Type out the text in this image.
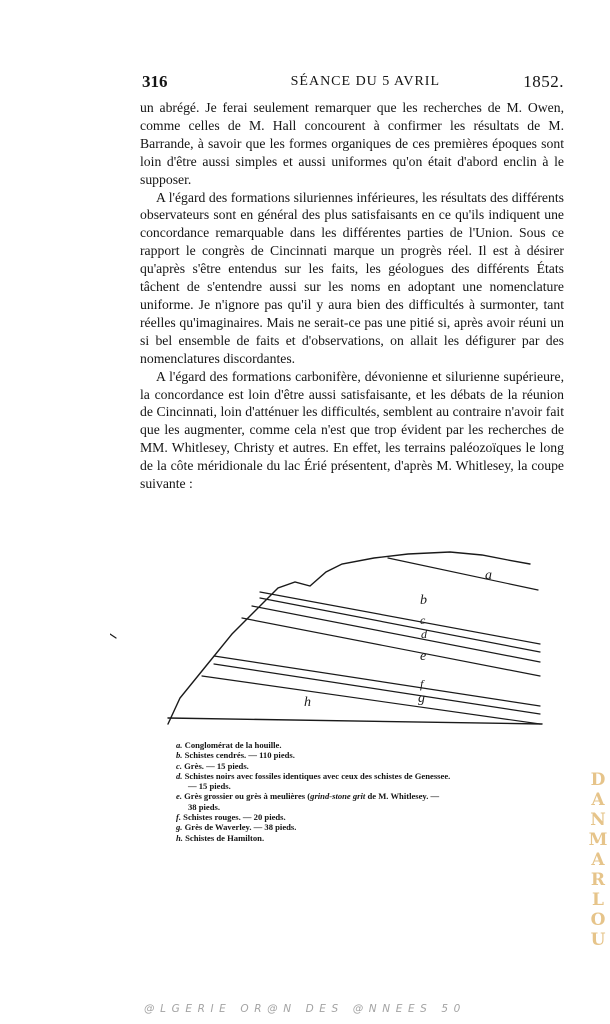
316	SÉANCE DU 5 AVRIL	1852.

un abrégé. Je ferai seulement remarquer que les recherches de M. Owen, comme celles de M. Hall concourent à confirmer les résultats de M. Barrande, à savoir que les formes organiques de ces premières époques sont loin d'être aussi simples et aussi uniformes qu'on était d'abord enclin à le supposer.

A l'égard des formations siluriennes inférieures, les résultats des différents observateurs sont en général des plus satisfaisants en ce qu'ils indiquent une concordance remarquable dans les différentes parties de l'Union. Sous ce rapport le congrès de Cincinnati marque un progrès réel. Il est à désirer qu'après s'être entendus sur les faits, les géologues des différents États tâchent de s'entendre aussi sur les noms en adoptant une nomenclature uniforme. Je n'ignore pas qu'il y aura bien des difficultés à surmonter, tant réelles qu'imaginaires. Mais ne serait-ce pas une pitié si, après avoir réuni un si bel ensemble de faits et d'observations, on allait les défigurer par des nomenclatures discordantes.

A l'égard des formations carbonifère, dévonienne et silurienne supérieure, la concordance est loin d'être aussi satisfaisante, et les débats de la réunion de Cincinnati, loin d'atténuer les difficultés, semblent au contraire n'avoir fait que les augmenter, comme cela n'est que trop évident par les recherches de MM. Whitlesey, Christy et autres. En effet, les terrains paléozoïques le long de la côte méridionale du lac Érié présentent, d'après M. Whitlesey, la coupe suivante :

a
b
c
d
e
f
g
h
a. Conglomérat de la houille.
b. Schistes cendrés. — 110 pieds.
c. Grès. — 15 pieds.
d. Schistes noirs avec fossiles identiques avec ceux des schistes de Genessee.
— 15 pieds.
e. Grès grossier ou grès à meulières (grind-stone grit de M. Whitlesey. —
38 pieds.
f. Schistes rouges. — 20 pieds.
g. Grès de Waverley. — 38 pieds.
h. Schistes de Hamilton.
D
A
N
M
A
R
L
O
U
@LGERIE OR@N DES @NNEES 50
